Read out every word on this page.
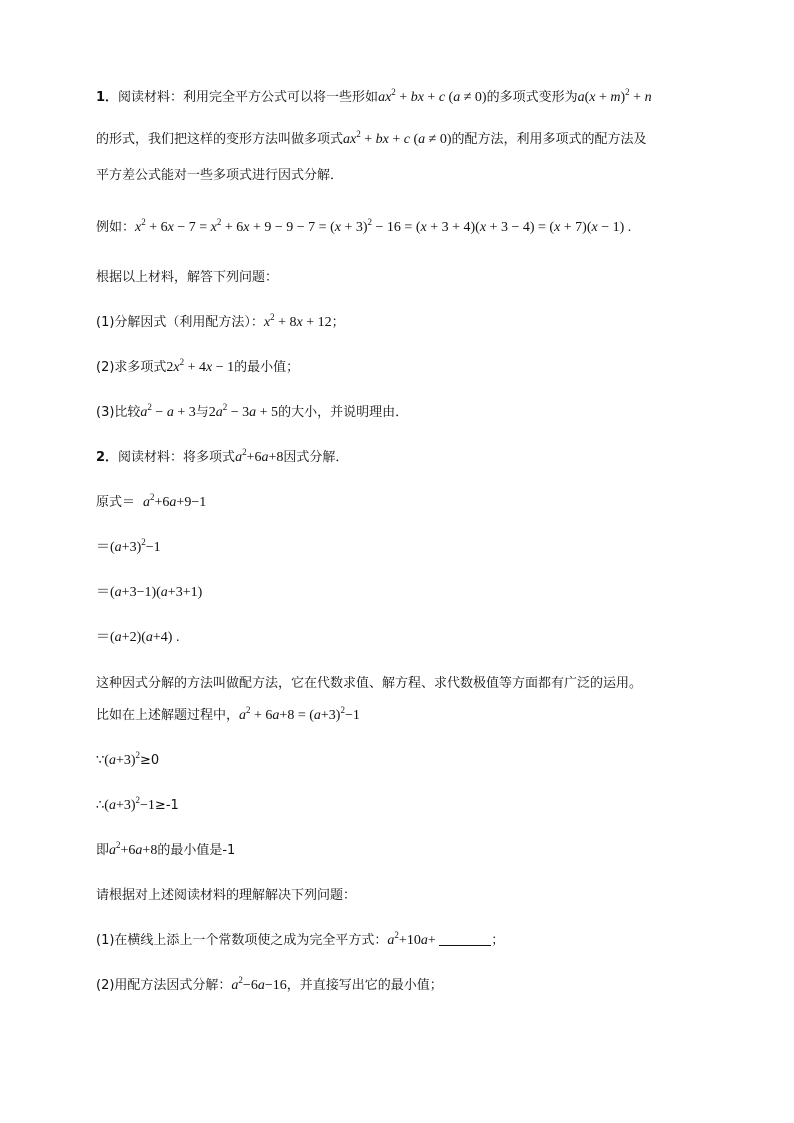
1．阅读材料：利用完全平方公式可以将一些形如$ax^2$ + bx + c (a ≠ 0)的多项式变形为$a(x + m)^2 + n$
的形式，我们把这样的变形方法叫做多项式$ax^2$ + bx + c (a ≠ 0)的配方法，利用多项式的配方法及
平方差公式能对一些多项式进行因式分解．
例如：$x^2 + 6x - 7 = x^2 + 6x + 9 - 9 - 7 = (x + 3)^2 - 16 = (x + 3 + 4)(x + 3 - 4) = (x + 7)(x - 1)$ .
根据以上材料，解答下列问题：
(1)分解因式（利用配方法）：$x^2 + 8x + 12$；
(2)求多项式$2x^2 + 4x - 1$的最小值；
(3)比较$a^2 - a + 3$与$2a^2 - 3a + 5$的大小，并说明理由．
2．阅读材料：将多项式$a^2+6a+8$因式分解．
原式＝ $a^2+6a+9-1$
$=(a+3)^2-1$
＝(a+3−1)(a+3+1)
＝(a+2)(a+4) .
这种因式分解的方法叫做配方法，它在代数求值、解方程、求代数极值等方面都有广泛的运用。
比如在上述解题过程中，$a^2 + 6a+8 = (a+3)^2-1$
$\because(a+3)^2\ge 0$
$\therefore(a+3)^2-1\ge-1$
即$a^2+6a+8$的最小值是-1
请根据对上述阅读材料的理解解决下列问题：
(1)在横线上添上一个常数项使之成为完全平方式：$a^2+10a+$	；
(2)用配方法因式分解：$a^2-6a-16$，并直接写出它的最小值；
